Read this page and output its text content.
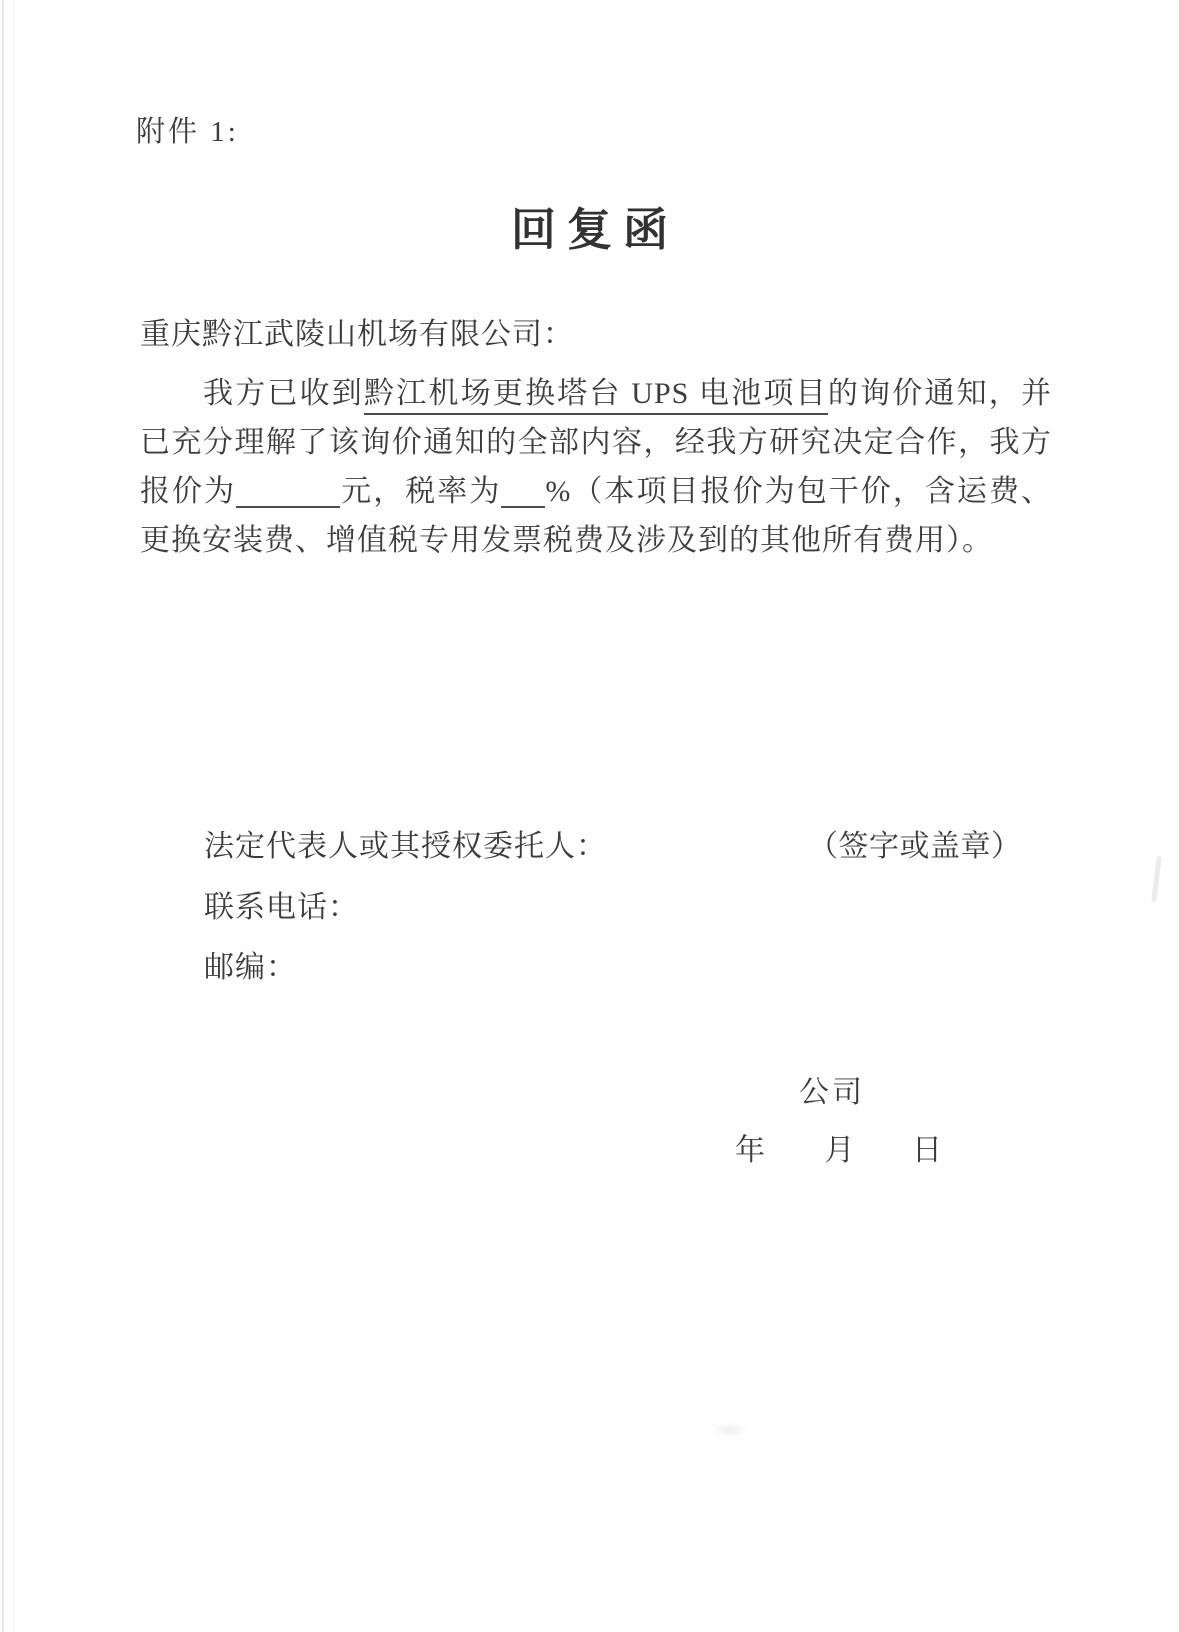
附件 1:
回复函
重庆黔江武陵山机场有限公司：
我方已收到黔江机场更换塔台 UPS 电池项目的询价通知，并
已充分理解了该询价通知的全部内容，经我方研究决定合作，我方
报价为	元，税率为 %（本项目报价为包干价，含运费、
更换安装费、增值税专用发票税费及涉及到的其他所有费用）。
法定代表人或其授权委托人：	（签字或盖章）
联系电话：
邮编：
公司
年 月 日
